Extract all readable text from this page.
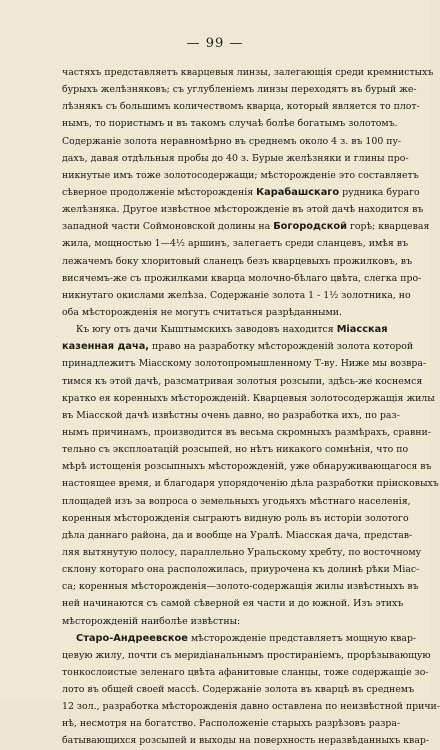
— 99 —
частяхъ представляетъ кварцевыя линзы, залегающія среди кремнистыхъ
бурыхъ желѣзняковъ; съ углубленіемъ линзы переходятъ въ бурый же-
лѣзнякъ съ большимъ количествомъ кварца, который является то плот-
нымъ, то пористымъ и въ такомъ случаѣ болѣе богатымъ золотомъ.
Содержаніе золота неравномѣрно въ среднемъ около 4 з. въ 100 пу-
дахъ, давая отдѣльныя пробы до 40 з. Бурые желѣзняки и глины про-
никнутые имъ тоже золотосодержащи; мѣсторожденіе это составляетъ
сѣверное продолженіе мѣсторожденія Карабашскаго рудника бураго
желѣзняка. Другое извѣстное мѣсторожденіе въ этой дачѣ находится въ
западной части Соймоновской долины на Богородской горѣ; кварцевая
жила, мощностью 1—4½ аршинъ, залегаетъ среди сланцевъ, имѣя въ
лежачемъ боку хлоритовый сланецъ безъ кварцевыхъ прожилковъ, въ
висячемъ-же съ прожилками кварца молочно-бѣлаго цвѣта, слегка про-
никнутаго окислами желѣза. Содержаніе золота 1 - 1½ золотника, но
оба мѣсторожденія не могутъ считаться разрѣданными.
Къ югу отъ дачи Кыштымскихъ заводовъ находится Міасская
казенная дача, право на разработку мѣсторожденій золота которой
принадлежитъ Міасскому золотопромышленному Т-ву. Ниже мы возвра-
тимся къ этой дачѣ, разсматривая золотыя розсыпи, здѣсь-же коснемся
кратко ея коренныхъ мѣсторожденій. Кварцевыя золотосодержащія жилы
въ Міасской дачѣ извѣстны очень давно, но разработка ихъ, по раз-
нымъ причинамъ, производится въ весьма скромныхъ размѣрахъ, сравни-
тельно съ эксплоатацій розсыпей, но нѣтъ никакого сомнѣнія, что по
мѣрѣ истощенія розсыпныхъ мѣсторожденій, уже обнаруживающагося въ
настоящее время, и благодаря упорядоченію дѣла разработки пріисковыхъ
площадей изъ за вопроса о земельныхъ угодьяхъ мѣстнаго населенія,
коренныя мѣсторожденія сыграютъ видную роль въ исторіи золотого
дѣла даннаго района, да и вообще на Уралѣ. Міасская дача, представ-
ляя вытянутую полосу, параллельно Уральскому хребту, по восточному
склону котораго она расположилась, приурочена къ долинѣ рѣки Міас-
са; коренныя мѣсторожденія—золото-содержащія жилы извѣстныхъ въ
ней начинаются съ самой сѣверной ея части и до южной. Изъ этихъ
мѣсторожденій наиболѣе извѣстны:
Старо-Андреевское мѣсторожденіе представляетъ мощную квар-
цевую жилу, почти съ меридіанальнымъ простираніемъ, прорѣзывающую
тонкослоистые зеленаго цвѣта афанитовые сланцы, тоже содержащіе зо-
лото въ общей своей массѣ. Содержаніе золота въ кварцѣ въ среднемъ
12 зол., разработка мѣсторожденія давно оставлена по неизвѣстной причи-
нѣ, несмотря на богатство. Расположеніе старыхъ разрѣзовъ разра-
батывающихся розсыпей и выходы на поверхность неразвѣданныхъ квар-
